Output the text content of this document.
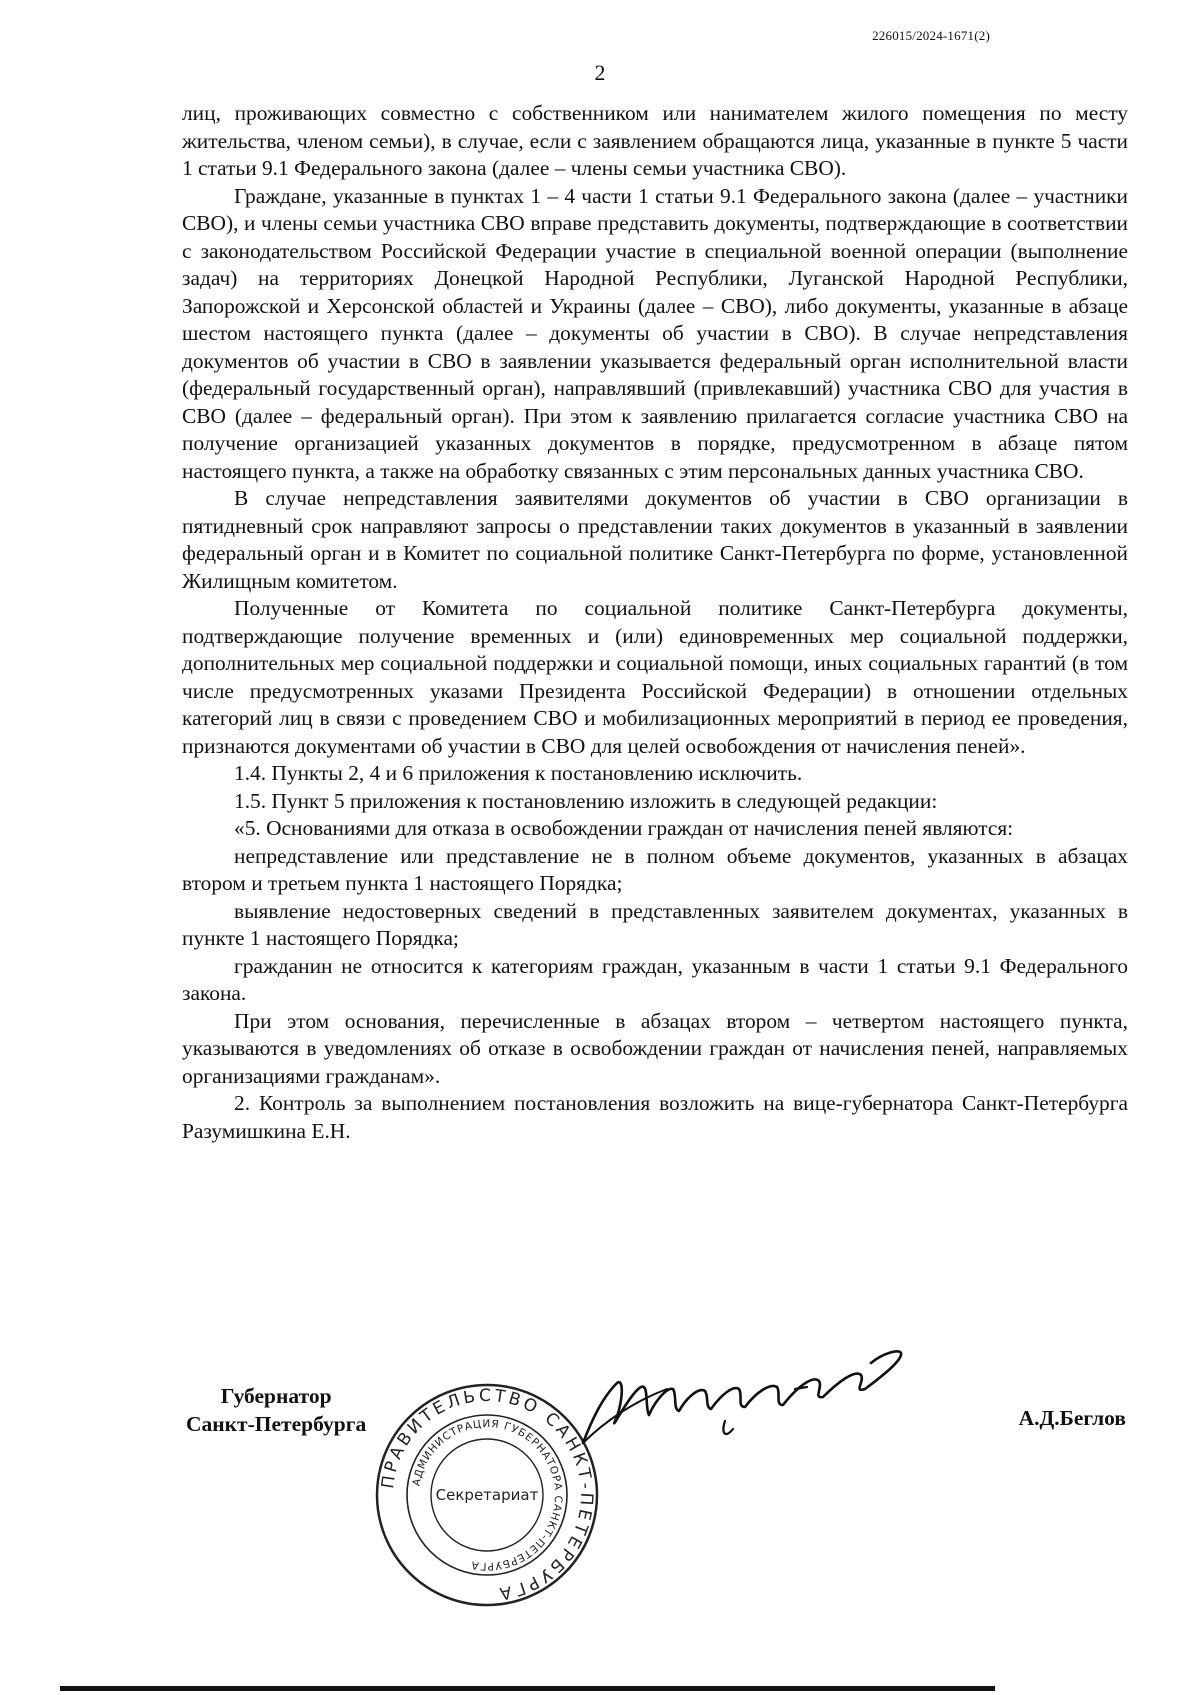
226015/2024-1671(2)
2

лиц, проживающих совместно с собственником или нанимателем жилого помещения по месту жительства, членом семьи), в случае, если с заявлением обращаются лица, указанные в пункте 5 части 1 статьи 9.1 Федерального закона (далее – члены семьи участника СВО).

Граждане, указанные в пунктах 1 – 4 части 1 статьи 9.1 Федерального закона (далее – участники СВО), и члены семьи участника СВО вправе представить документы, подтверждающие в соответствии с законодательством Российской Федерации участие в специальной военной операции (выполнение задач) на территориях Донецкой Народной Республики, Луганской Народной Республики, Запорожской и Херсонской областей и Украины (далее – СВО), либо документы, указанные в абзаце шестом настоящего пункта (далее – документы об участии в СВО). В случае непредставления документов об участии в СВО в заявлении указывается федеральный орган исполнительной власти (федеральный государственный орган), направлявший (привлекавший) участника СВО для участия в СВО (далее – федеральный орган). При этом к заявлению прилагается согласие участника СВО на получение организацией указанных документов в порядке, предусмотренном в абзаце пятом настоящего пункта, а также на обработку связанных с этим персональных данных участника СВО.

В случае непредставления заявителями документов об участии в СВО организации в пятидневный срок направляют запросы о представлении таких документов в указанный в заявлении федеральный орган и в Комитет по социальной политике Санкт-Петербурга по форме, установленной Жилищным комитетом.

Полученные от Комитета по социальной политике Санкт-Петербурга документы, подтверждающие получение временных и (или) единовременных мер социальной поддержки, дополнительных мер социальной поддержки и социальной помощи, иных социальных гарантий (в том числе предусмотренных указами Президента Российской Федерации) в отношении отдельных категорий лиц в связи с проведением СВО и мобилизационных мероприятий в период ее проведения, признаются документами об участии в СВО для целей освобождения от начисления пеней».

1.4. Пункты 2, 4 и 6 приложения к постановлению исключить.

1.5. Пункт 5 приложения к постановлению изложить в следующей редакции:

«5. Основаниями для отказа в освобождении граждан от начисления пеней являются:

непредставление или представление не в полном объеме документов, указанных в абзацах втором и третьем пункта 1 настоящего Порядка;

выявление недостоверных сведений в представленных заявителем документах, указанных в пункте 1 настоящего Порядка;

гражданин не относится к категориям граждан, указанным в части 1 статьи 9.1 Федерального закона.

При этом основания, перечисленные в абзацах втором – четвертом настоящего пункта, указываются в уведомлениях об отказе в освобождении граждан от начисления пеней, направляемых организациями гражданам».

2. Контроль за выполнением постановления возложить на вице-губернатора Санкт-Петербурга Разумишкина Е.Н.

Губернатор
Санкт-Петербурга
ПРАВИТЕЛЬСТВО САНКТ-ПЕТЕРБУРГА
АДМИНИСТРАЦИЯ ГУБЕРНАТОРА САНКТ-ПЕТЕРБУРГА
Секретариат
А.Д.Беглов
